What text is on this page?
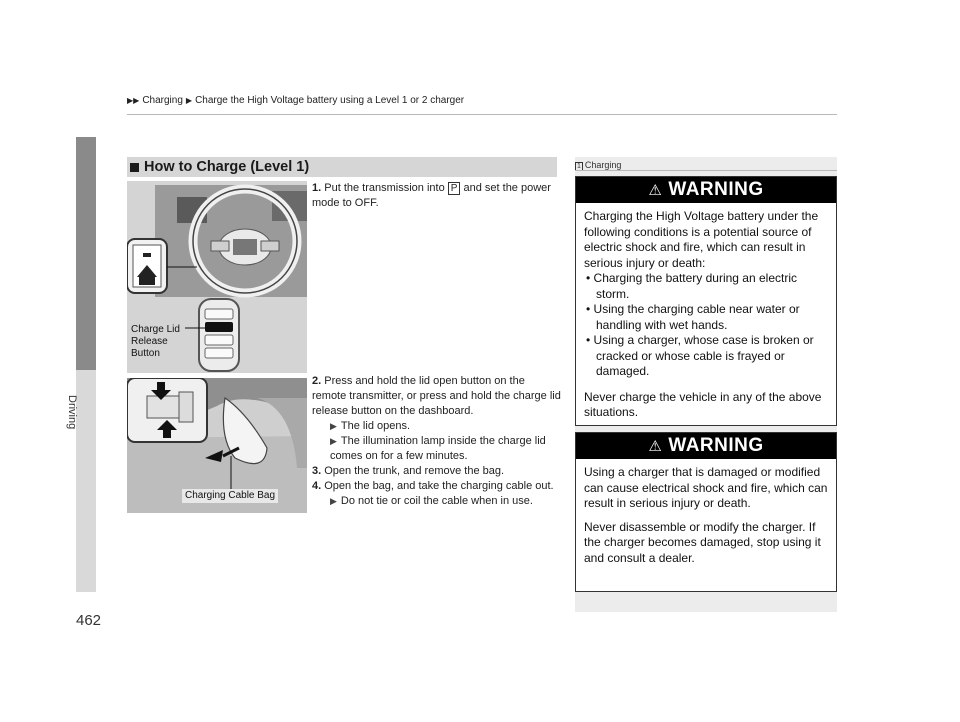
▶▶ Charging ▶ Charge the High Voltage battery using a Level 1 or 2 charger
Driving
462
How to Charge (Level 1)
Charge Lid
Release
Button
Charging Cable Bag
1. Put the transmission into P and set the power mode to OFF.
2. Press and hold the lid open button on the remote transmitter, or press and hold the charge lid release button on the dashboard.
▶ The lid opens.
▶ The illumination lamp inside the charge lid comes on for a few minutes.
3. Open the trunk, and remove the bag.
4. Open the bag, and take the charging cable out.
▶ Do not tie or coil the cable when in use.
1 Charging
⚠ WARNING

Charging the High Voltage battery under the following conditions is a potential source of electric shock and fire, which can result in serious injury or death:

• Charging the battery during an electric storm.
• Using the charging cable near water or handling with wet hands.
• Using a charger, whose case is broken or cracked or whose cable is frayed or damaged.

Never charge the vehicle in any of the above situations.

⚠ WARNING

Using a charger that is damaged or modified can cause electrical shock and fire, which can result in serious injury or death.

Never disassemble or modify the charger. If the charger becomes damaged, stop using it and consult a dealer.
